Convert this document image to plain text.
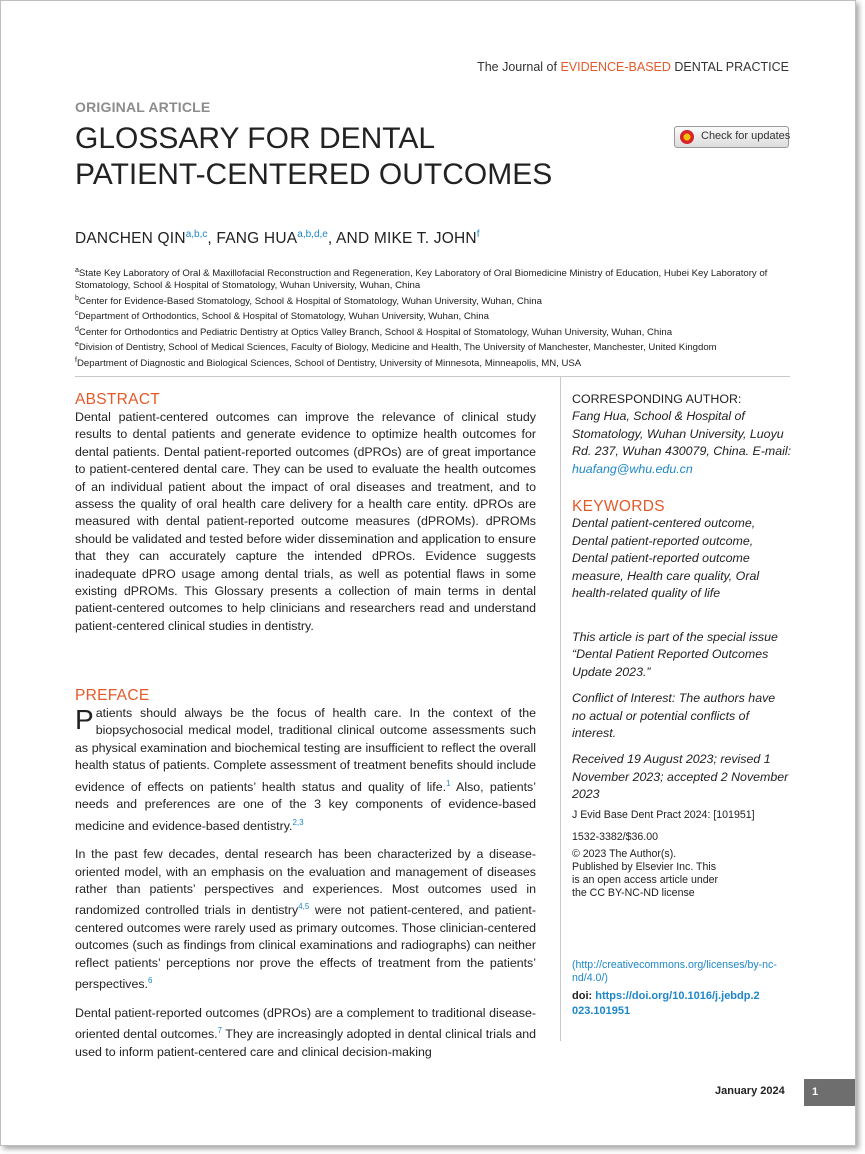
The Journal of EVIDENCE-BASED DENTAL PRACTICE
ORIGINAL ARTICLE
GLOSSARY FOR DENTAL
PATIENT-CENTERED OUTCOMES
Check for updates
DANCHEN QIN$^{a,b,c}$, FANG HUA$^{a,b,d,e}$, AND MIKE T. JOHN$^f$
$^a$State Key Laboratory of Oral & Maxillofacial Reconstruction and Regeneration, Key Laboratory of Oral Biomedicine Ministry of Education, Hubei Key Laboratory of Stomatology, School & Hospital of Stomatology, Wuhan University, Wuhan, China
$^b$Center for Evidence-Based Stomatology, School & Hospital of Stomatology, Wuhan University, Wuhan, China
$^c$Department of Orthodontics, School & Hospital of Stomatology, Wuhan University, Wuhan, China
$^d$Center for Orthodontics and Pediatric Dentistry at Optics Valley Branch, School & Hospital of Stomatology, Wuhan University, Wuhan, China
$^e$Division of Dentistry, School of Medical Sciences, Faculty of Biology, Medicine and Health, The University of Manchester, Manchester, United Kingdom
$^f$Department of Diagnostic and Biological Sciences, School of Dentistry, University of Minnesota, Minneapolis, MN, USA
ABSTRACT
Dental patient-centered outcomes can improve the relevance of clinical study results to dental patients and generate evidence to optimize health outcomes for dental patients. Dental patient-reported outcomes (dPROs) are of great importance to patient-centered dental care. They can be used to evaluate the health outcomes of an individual patient about the impact of oral diseases and treatment, and to assess the quality of oral health care delivery for a health care entity. dPROs are measured with dental patient-reported outcome measures (dPROMs). dPROMs should be validated and tested before wider dissemination and application to ensure that they can accurately capture the intended dPROs. Evidence suggests inadequate dPRO usage among dental trials, as well as potential flaws in some existing dPROMs. This Glossary presents a collection of main terms in dental patient-centered outcomes to help clinicians and researchers read and understand patient-centered clinical studies in dentistry.
PREFACE

Patients should always be the focus of health care. In the context of the biopsychosocial medical model, traditional clinical outcome assessments such as physical examination and biochemical testing are insufficient to reflect the overall health status of patients. Complete assessment of treatment benefits should include evidence of effects on patients’ health status and quality of life.$^1$ Also, patients’ needs and preferences are one of the 3 key components of evidence-based medicine and evidence-based dentistry.$^{2,3}$

In the past few decades, dental research has been characterized by a disease-oriented model, with an emphasis on the evaluation and management of diseases rather than patients’ perspectives and experiences. Most outcomes used in randomized controlled trials in dentistry$^{4,5}$ were not patient-centered, and patient-centered outcomes were rarely used as primary outcomes. Those clinician-centered outcomes (such as findings from clinical examinations and radiographs) can neither reflect patients’ perceptions nor prove the effects of treatment from the patients’ perspectives.$^6$

Dental patient-reported outcomes (dPROs) are a complement to traditional disease-oriented dental outcomes.$^7$ They are increasingly adopted in dental clinical trials and used to inform patient-centered care and clinical decision-making

CORRESPONDING AUTHOR:
Fang Hua, School & Hospital of Stomatology, Wuhan University, Luoyu Rd. 237, Wuhan 430079, China. E-mail: huafang@whu.edu.cn
KEYWORDS
Dental patient-centered outcome, Dental patient-reported outcome, Dental patient-reported outcome measure, Health care quality, Oral health-related quality of life
This article is part of the special issue “Dental Patient Reported Outcomes Update 2023.”
Conflict of Interest: The authors have no actual or potential conflicts of interest.
Received 19 August 2023; revised 1 November 2023; accepted 2 November 2023

J Evid Base Dent Pract 2024: [101951]

1532-3382/$36.00

© 2023 The Author(s). Published by Elsevier Inc. This is an open access article under the CC BY-NC-ND license
(http://creativecommons.org/licenses/by-nc-nd/4.0/)
doi: https://doi.org/10.1016/j.jebdp.2023.101951
January 2024 1
